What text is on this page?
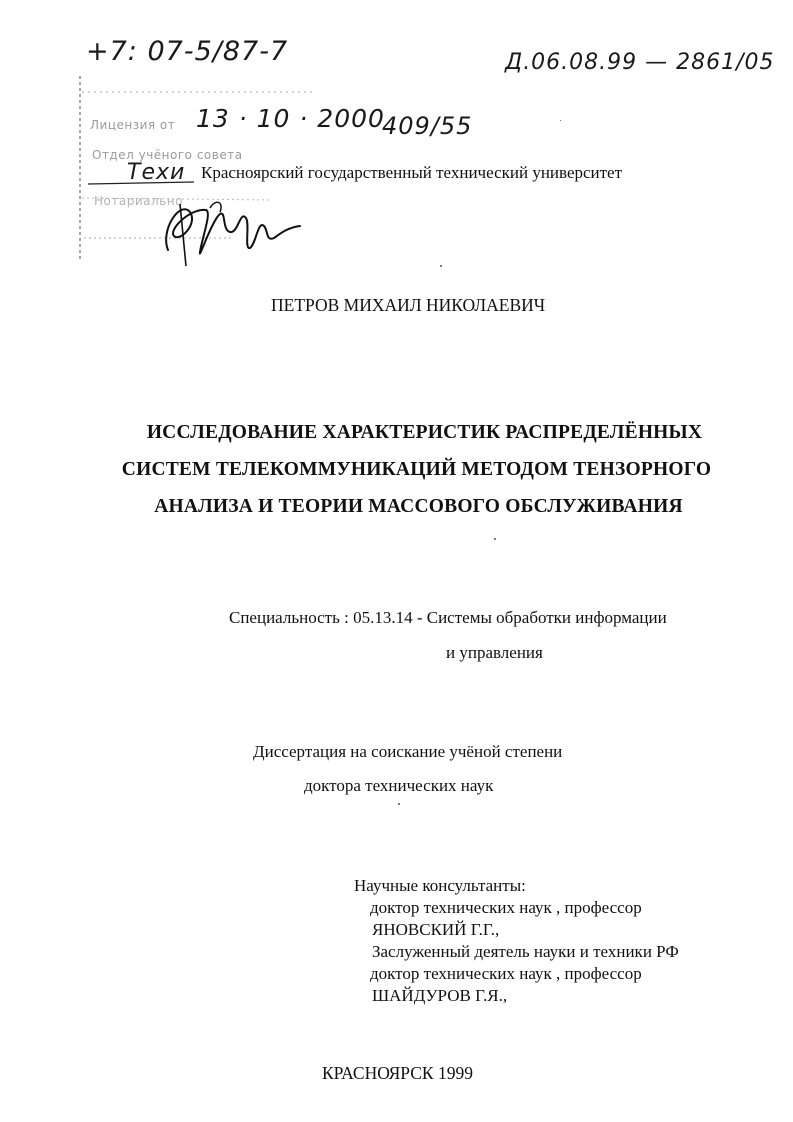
+7: 07-5/87-7	Д.06.08.99 — 2861/05
Лицензия от 13 · 10 · 2000
409/55
Отдел учёного совета
Нотариально
Техи Красноярский государственный технический университет
ПЕТРОВ МИХАИЛ НИКОЛАЕВИЧ
ИССЛЕДОВАНИЕ ХАРАКТЕРИСТИК РАСПРЕДЕЛЁННЫХ
СИСТЕМ ТЕЛЕКОММУНИКАЦИЙ МЕТОДОМ ТЕНЗОРНОГО
АНАЛИЗА И ТЕОРИИ МАССОВОГО ОБСЛУЖИВАНИЯ
Специальность : 05.13.14 - Системы обработки информации
и управления
Диссертация на соискание учёной степени
доктора технических наук
Научные консультанты:
доктор технических наук , профессор
ЯНОВСКИЙ Г.Г.,
Заслуженный деятель науки и техники РФ
доктор технических наук , профессор
ШАЙДУРОВ Г.Я.,
КРАСНОЯРСК 1999
